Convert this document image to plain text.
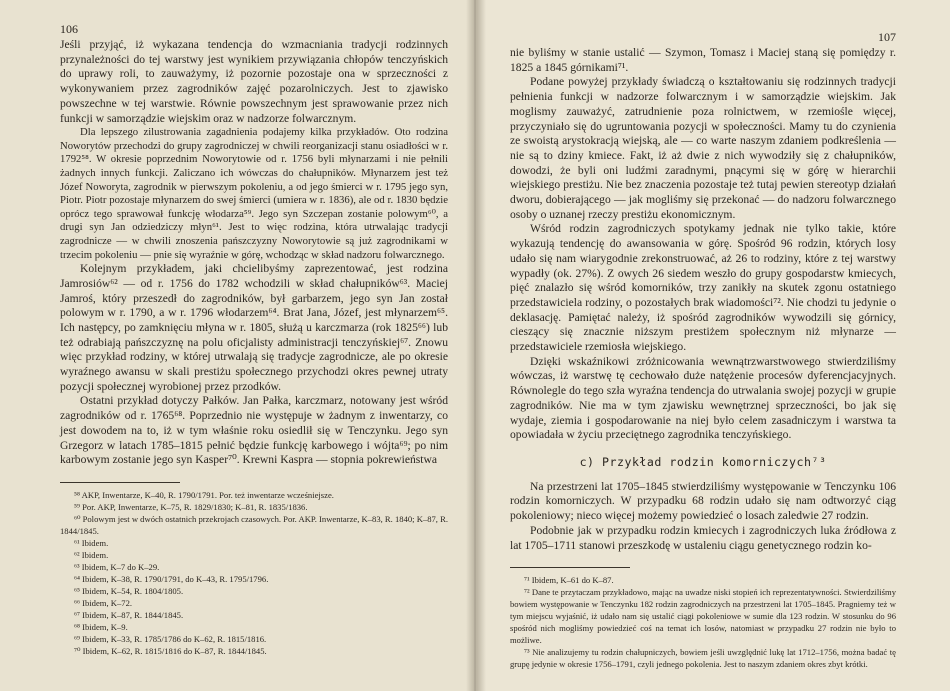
106

Jeśli przyjąć, iż wykazana tendencja do wzmacniania tradycji rodzinnych przynależności do tej warstwy jest wynikiem przywiązania chłopów tenczyńskich do uprawy roli, to zauważymy, iż pozornie pozostaje ona w sprzeczności z wykonywaniem przez zagrodników zajęć pozarolniczych. Jest to zjawisko powszechne w tej warstwie. Równie powszechnym jest sprawowanie przez nich funkcji w samorządzie wiejskim oraz w nadzorze folwarcznym.

Dla lepszego zilustrowania zagadnienia podajemy kilka przykładów. Oto rodzina Noworytów przechodzi do grupy zagrodniczej w chwili reorganizacji stanu osiadłości w r. 1792⁵⁸. W okresie poprzednim Noworytowie od r. 1756 byli młynarzami i nie pełnili żadnych innych funkcji. Zaliczano ich wówczas do chałupników. Młynarzem jest też Józef Noworyta, zagrodnik w pierwszym pokoleniu, a od jego śmierci w r. 1795 jego syn, Piotr. Piotr pozostaje młynarzem do swej śmierci (umiera w r. 1836), ale od r. 1830 będzie oprócz tego sprawował funkcję włodarza⁵⁹. Jego syn Szczepan zostanie polowym⁶⁰, a drugi syn Jan odziedziczy młyn⁶¹. Jest to więc rodzina, która utrwalając tradycji zagrodnicze — w chwili znoszenia pańszczyzny Noworytowie są już zagrodnikami w trzecim pokoleniu — pnie się wyraźnie w górę, wchodząc w skład nadzoru folwarcznego.

Kolejnym przykładem, jaki chcielibyśmy zaprezentować, jest rodzina Jamrosiów⁶² — od r. 1756 do 1782 wchodzili w skład chałupników⁶³. Maciej Jamroś, który przeszedł do zagrodników, był garbarzem, jego syn Jan został polowym w r. 1790, a w r. 1796 włodarzem⁶⁴. Brat Jana, Józef, jest młynarzem⁶⁵. Ich następcy, po zamknięciu młyna w r. 1805, służą u karczmarza (rok 1825⁶⁶) lub też odrabiają pańszczyznę na polu oficjalisty administracji tenczyńskiej⁶⁷. Znowu więc przykład rodziny, w której utrwalają się tradycje zagrodnicze, ale po okresie wyraźnego awansu w skali prestiżu społecznego przychodzi okres pewnej utraty pozycji społecznej wyrobionej przez przodków.

Ostatni przykład dotyczy Pałków. Jan Pałka, karczmarz, notowany jest wśród zagrodników od r. 1765⁶⁸. Poprzednio nie występuje w żadnym z inwentarzy, co jest dowodem na to, iż w tym właśnie roku osiedlił się w Tenczynku. Jego syn Grzegorz w latach 1785–1815 pełnić będzie funkcję karbowego i wójta⁶⁹; po nim karbowym zostanie jego syn Kasper⁷⁰. Krewni Kaspra — stopnia pokrewieństwa

⁵⁸ AKP, Inwentarze, K–40, R. 1790/1791. Por. też inwentarze wcześniejsze.

⁵⁹ Por. AKP, Inwentarze, K–75, R. 1829/1830; K–81, R. 1835/1836.

⁶⁰ Polowym jest w dwóch ostatnich przekrojach czasowych. Por. AKP. Inwentarze, K–83, R. 1840; K–87, R. 1844/1845.

⁶¹ Ibidem.

⁶² Ibidem.

⁶³ Ibidem, K–7 do K–29.

⁶⁴ Ibidem, K–38, R. 1790/1791, do K–43, R. 1795/1796.

⁶⁵ Ibidem, K–54, R. 1804/1805.

⁶⁶ Ibidem, K–72.

⁶⁷ Ibidem, K–87, R. 1844/1845.

⁶⁸ Ibidem, K–9.

⁶⁹ Ibidem, K–33, R. 1785/1786 do K–62, R. 1815/1816.

⁷⁰ Ibidem, K–62, R. 1815/1816 do K–87, R. 1844/1845.

107

nie byliśmy w stanie ustalić — Szymon, Tomasz i Maciej staną się pomiędzy r. 1825 a 1845 górnikami⁷¹.

Podane powyżej przykłady świadczą o kształtowaniu się rodzinnych tradycji pełnienia funkcji w nadzorze folwarcznym i w samorządzie wiejskim. Jak moglismy zauważyć, zatrudnienie poza rolnictwem, w rzemiośle więcej, przyczyniało się do ugruntowania pozycji w społeczności. Mamy tu do czynienia ze swoistą arystokracją wiejską, ale — co warte naszym zdaniem podkreślenia — nie są to dziny kmiece. Fakt, iż aż dwie z nich wywodziły się z chałupników, dowodzi, że byli oni ludźmi zaradnymi, pnącymi się w górę w hierarchii wiejskiego prestiżu. Nie bez znaczenia pozostaje też tutaj pewien stereotyp działań dworu, dobierającego — jak mogliśmy się przekonać — do nadzoru folwarcznego osoby o uznanej rzeczy prestiżu ekonomicznym.

Wśród rodzin zagrodniczych spotykamy jednak nie tylko takie, które wykazują tendencję do awansowania w górę. Spośród 96 rodzin, których losy udało się nam wiarygodnie zrekonstruować, aż 26 to rodziny, które z tej warstwy wypadły (ok. 27%). Z owych 26 siedem weszło do grupy gospodarstw kmiecych, pięć znalazło się wśród komorników, trzy zanikły na skutek zgonu ostatniego przedstawiciela rodziny, o pozostałych brak wiadomości⁷². Nie chodzi tu jedynie o deklasację. Pamiętać należy, iż spośród zagrodników wywodzili się górnicy, cieszący się znacznie niższym prestiżem społecznym niż młynarze — przedstawiciele rzemiosła wiejskiego.

Dzięki wskaźnikowi zróżnicowania wewnątrzwarstwowego stwierdziliśmy wówczas, iż warstwę tę cechowało duże natężenie procesów dyferencjacyjnych. Równolegle do tego szła wyraźna tendencja do utrwalania swojej pozycji w grupie zagrodników. Nie ma w tym zjawisku wewnętrznej sprzeczności, bo jak się wydaje, ziemia i gospodarowanie na niej było celem zasadniczym i warstwa ta opowiadała w życiu przeciętnego zagrodnika tenczyńskiego.

c) Przykład rodzin komorniczych⁷³

Na przestrzeni lat 1705–1845 stwierdziliśmy występowanie w Tenczynku 106 rodzin komorniczych. W przypadku 68 rodzin udało się nam odtworzyć ciąg pokoleniowy; nieco więcej możemy powiedzieć o losach zaledwie 27 rodzin.

Podobnie jak w przypadku rodzin kmiecych i zagrodniczych luka źródłowa z lat 1705–1711 stanowi przeszkodę w ustaleniu ciągu genetycznego rodzin ko-

⁷¹ Ibidem, K–61 do K–87.

⁷² Dane te przytaczam przykładowo, mając na uwadze niski stopień ich reprezentatywności. Stwierdziliśmy bowiem występowanie w Tenczynku 182 rodzin zagrodniczych na przestrzeni lat 1705–1845. Pragniemy też w tym miejscu wyjaśnić, iż udało nam się ustalić ciągi pokoleniowe w sumie dla 123 rodzin. W stosunku do 96 spośród nich mogliśmy powiedzieć coś na temat ich losów, natomiast w przypadku 27 rodzin nie było to możliwe.

⁷³ Nie analizujemy tu rodzin chałupniczych, bowiem jeśli uwzględnić lukę lat 1712–1756, można badać tę grupę jedynie w okresie 1756–1791, czyli jednego pokolenia. Jest to naszym zdaniem okres zbyt krótki.
